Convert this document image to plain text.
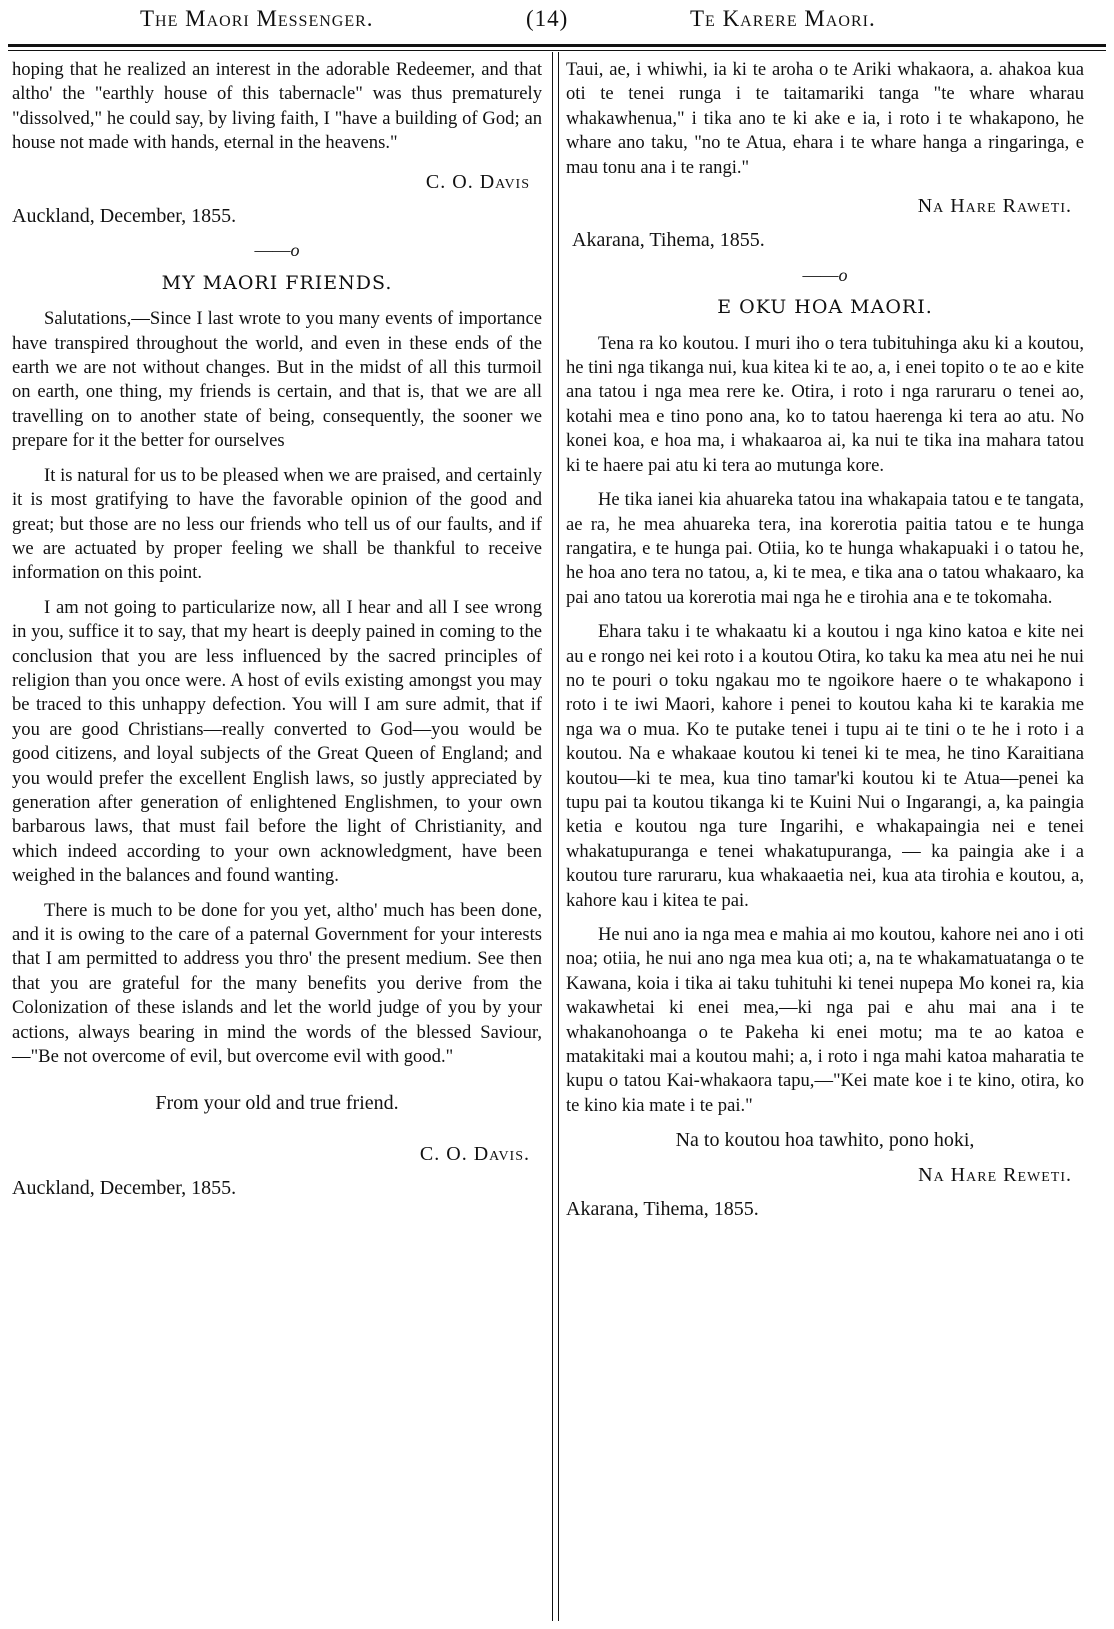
The Maori Messenger.	(14)	Te Karere Maori.

hoping that he realized an interest in the adorable Redeemer, and that altho' the "earthly house of this tabernacle" was thus prematurely "dissolved," he could say, by living faith, I "have a building of God; an house not made with hands, eternal in the heavens."

C. O. Davis
Auckland, December, 1855.
—— o
MY MAORI FRIENDS.

Salutations,—Since I last wrote to you many events of importance have transpired throughout the world, and even in these ends of the earth we are not without changes. But in the midst of all this turmoil on earth, one thing, my friends is certain, and that is, that we are all travelling on to another state of being, consequently, the sooner we prepare for it the better for ourselves

It is natural for us to be pleased when we are praised, and certainly it is most gratifying to have the favorable opinion of the good and great; but those are no less our friends who tell us of our faults, and if we are actuated by proper feeling we shall be thankful to receive information on this point.

I am not going to particularize now, all I hear and all I see wrong in you, suffice it to say, that my heart is deeply pained in coming to the conclusion that you are less influenced by the sacred principles of religion than you once were. A host of evils existing amongst you may be traced to this unhappy defection. You will I am sure admit, that if you are good Christians—really converted to God—you would be good citizens, and loyal subjects of the Great Queen of England; and you would prefer the excellent English laws, so justly appreciated by generation after generation of enlightened Englishmen, to your own barbarous laws, that must fail before the light of Christianity, and which indeed according to your own acknowledgment, have been weighed in the balances and found wanting.

There is much to be done for you yet, altho' much has been done, and it is owing to the care of a paternal Government for your interests that I am permitted to address you thro' the present medium. See then that you are grateful for the many benefits you derive from the Colonization of these islands and let the world judge of you by your actions, always bearing in mind the words of the blessed Saviour,—"Be not overcome of evil, but overcome evil with good."

From your old and true friend.
C. O. Davis.
Auckland, December, 1855.

Taui, ae, i whiwhi, ia ki te aroha o te Ariki whakaora, a. ahakoa kua oti te tenei runga i te taitamariki tanga "te whare wharau whakawhenua," i tika ano te ki ake e ia, i roto i te whakapono, he whare ano taku, "no te Atua, ehara i te whare hanga a ringaringa, e mau tonu ana i te rangi."

Na Hare Raweti.
Akarana, Tihema, 1855.
—— o
E OKU HOA MAORI.

Tena ra ko koutou. I muri iho o tera tubituhinga aku ki a koutou, he tini nga tikanga nui, kua kitea ki te ao, a, i enei topito o te ao e kite ana tatou i nga mea rere ke. Otira, i roto i nga raruraru o tenei ao, kotahi mea e tino pono ana, ko to tatou haerenga ki tera ao atu. No konei koa, e hoa ma, i whakaaroa ai, ka nui te tika ina mahara tatou ki te haere pai atu ki tera ao mutunga kore.

He tika ianei kia ahuareka tatou ina whakapaia tatou e te tangata, ae ra, he mea ahuareka tera, ina korerotia paitia tatou e te hunga rangatira, e te hunga pai. Otiia, ko te hunga whakapuaki i o tatou he, he hoa ano tera no tatou, a, ki te mea, e tika ana o tatou whakaaro, ka pai ano tatou ua korerotia mai nga he e tirohia ana e te tokomaha.

Ehara taku i te whakaatu ki a koutou i nga kino katoa e kite nei au e rongo nei kei roto i a koutou Otira, ko taku ka mea atu nei he nui no te pouri o toku ngakau mo te ngoikore haere o te whakapono i roto i te iwi Maori, kahore i penei to koutou kaha ki te karakia me nga wa o mua. Ko te putake tenei i tupu ai te tini o te he i roto i a koutou. Na e whakaae koutou ki tenei ki te mea, he tino Karaitiana koutou—ki te mea, kua tino tamar'ki koutou ki te Atua—penei ka tupu pai ta koutou tikanga ki te Kuini Nui o Ingarangi, a, ka paingia ketia e koutou nga ture Ingarihi, e whakapaingia nei e tenei whakatupuranga e tenei whakatupuranga, — ka paingia ake i a koutou ture raruraru, kua whakaaetia nei, kua ata tirohia e koutou, a, kahore kau i kitea te pai.

He nui ano ia nga mea e mahia ai mo koutou, kahore nei ano i oti noa; otiia, he nui ano nga mea kua oti; a, na te whakamatuatanga o te Kawana, koia i tika ai taku tuhituhi ki tenei nupepa Mo konei ra, kia wakawhetai ki enei mea,—ki nga pai e ahu mai ana i te whakanohoanga o te Pakeha ki enei motu; ma te ao katoa e matakitaki mai a koutou mahi; a, i roto i nga mahi katoa maharatia te kupu o tatou Kai-whakaora tapu,—"Kei mate koe i te kino, otira, ko te kino kia mate i te pai."

Na to koutou hoa tawhito, pono hoki,
Na Hare Reweti.
Akarana, Tihema, 1855.
